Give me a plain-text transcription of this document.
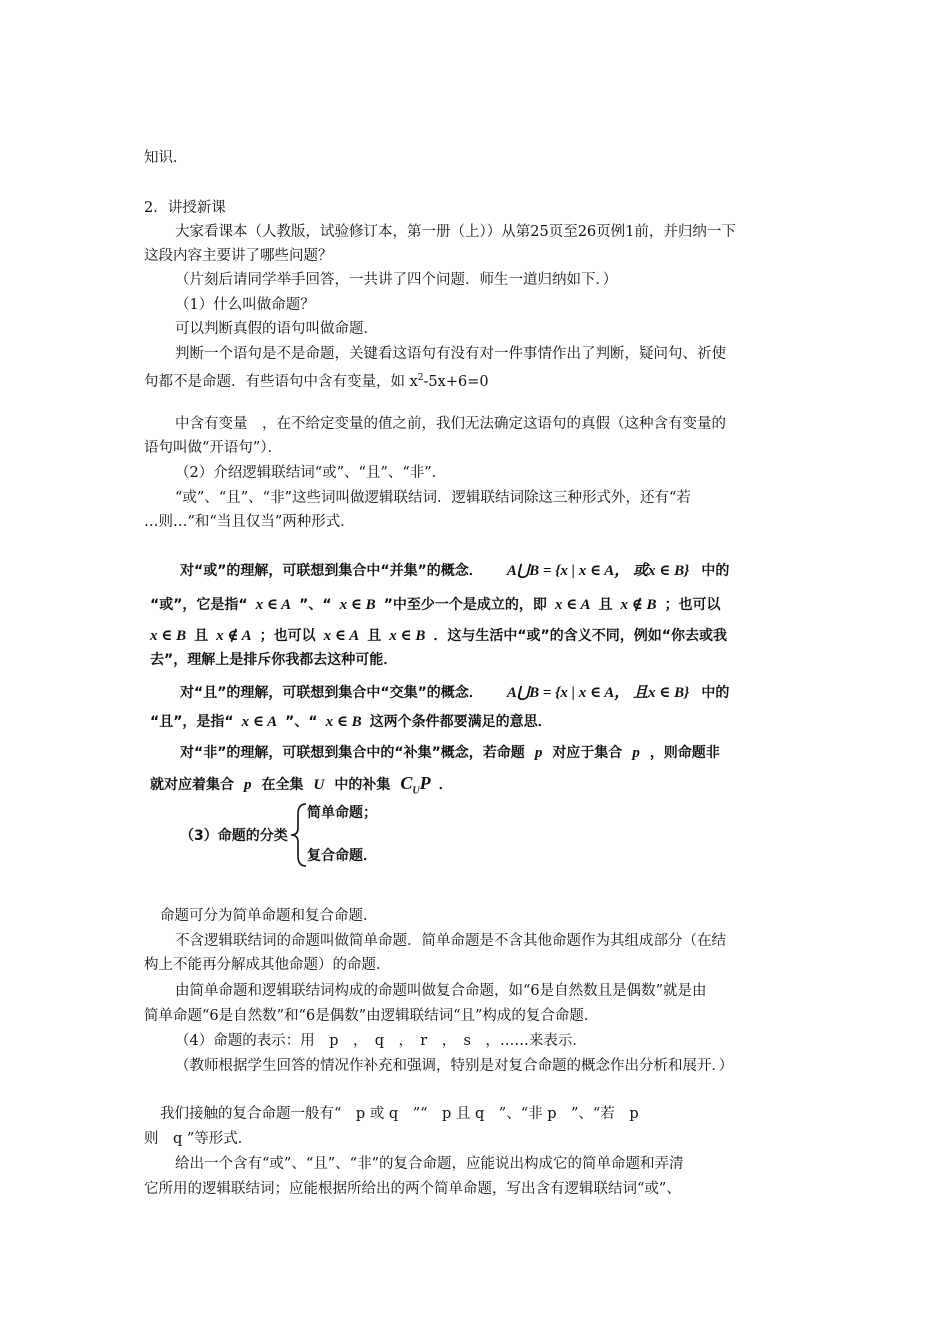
知识．
2．讲授新课
大家看课本（人教版，试验修订本，第一册（上））从第25页至26页例1前，并归纳一下
这段内容主要讲了哪些问题？
（片刻后请同学举手回答，一共讲了四个问题．师生一道归纳如下．）
（1）什么叫做命题？
可以判断真假的语句叫做命题．
判断一个语句是不是命题，关键看这语句有没有对一件事情作出了判断，疑问句、祈使
句都不是命题．有些语句中含有变量，如 $x^2-5x+6=0$
中含有变量　，在不给定变量的值之前，我们无法确定这语句的真假（这种含有变量的
语句叫做“开语句”）．
（2）介绍逻辑联结词“或”、“且”、“非”．
“或”、“且”、“非”这些词叫做逻辑联结词．逻辑联结词除这三种形式外，还有“若
…则…”和“当且仅当”两种形式．
对“或”的理解，可联想到集合中“并集”的概念． A⋃B = {x | x ∈ A， 或x ∈ B} 中的
“或”，它是指“ x ∈ A ”、“ x ∈ B ”中至少一个是成立的，即 x ∈ A 且 x ∉ B ；也可以
x ∈ B 且 x ∉ A ；也可以 x ∈ A 且 x ∈ B ．这与生活中“或”的含义不同，例如“你去或我
去”，理解上是排斥你我都去这种可能．
对“且”的理解，可联想到集合中“交集”的概念． A⋃B = {x | x ∈ A， 且x ∈ B} 中的
“且”，是指“ x ∈ A ”、“ x ∈ B 这两个条件都要满足的意思．
对“非”的理解，可联想到集合中的“补集”概念，若命题 p 对应于集合 p ，则命题非
就对应着集合 p 在全集 U 中的补集 $C_UP$ ．
（3）命题的分类
简单命题；
复合命题．
命题可分为简单命题和复合命题．
不含逻辑联结词的命题叫做简单命题．简单命题是不含其他命题作为其组成部分（在结
构上不能再分解成其他命题）的命题．
由简单命题和逻辑联结词构成的命题叫做复合命题，如“6是自然数且是偶数”就是由
简单命题“6是自然数”和“6是偶数”由逻辑联结词“且”构成的复合命题．
（4）命题的表示：用　p　，　q　，　r　，　s　，……来表示．
（教师根据学生回答的情况作补充和强调，特别是对复合命题的概念作出分析和展开．）
我们接触的复合命题一般有“　p 或 q　”“　p 且 q　”、“非 p　”、“若　p
则　q ”等形式．
给出一个含有“或”、“且”、“非”的复合命题，应能说出构成它的简单命题和弄清
它所用的逻辑联结词；应能根据所给出的两个简单命题，写出含有逻辑联结词“或”、
